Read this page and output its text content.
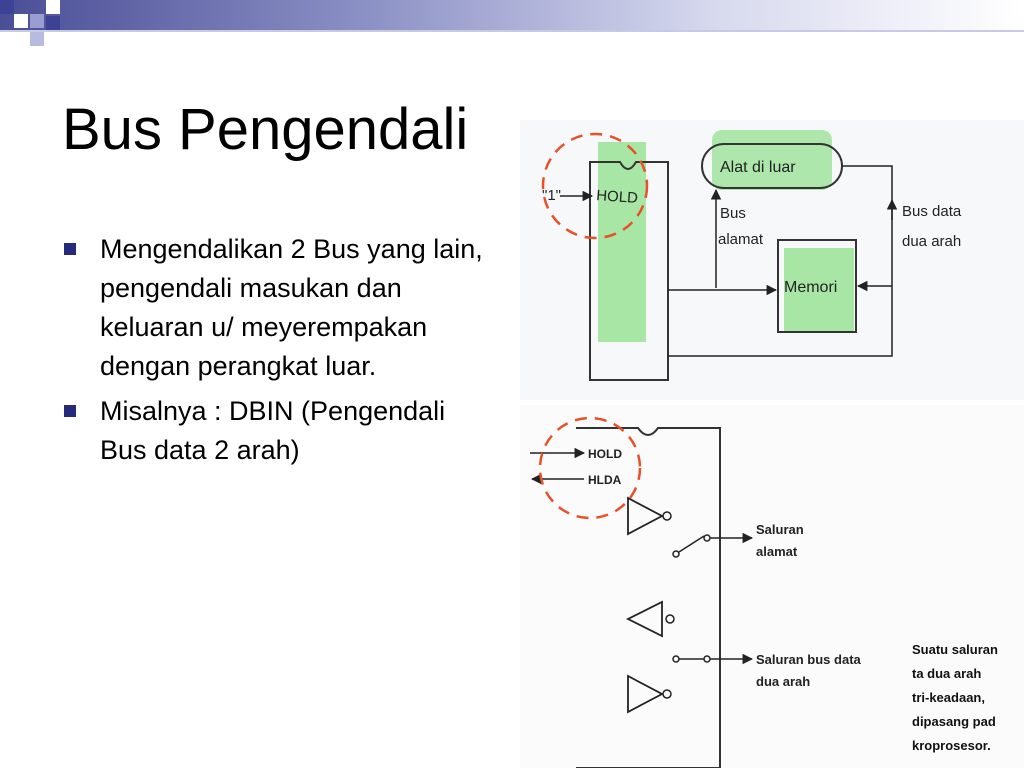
Bus Pengendali
Mengendalikan 2 Bus yang lain, pengendali masukan dan keluaran u/ meyerempakan dengan perangkat luar.
Misalnya : DBIN (Pengendali Bus data 2 arah)
HOLD
"1"
Alat di luar
Memori
Bus
alamat
Bus data
dua arah
HOLD
HLDA
Saluran
alamat
Saluran bus data
dua arah
Suatu saluran
ta dua arah
tri-keadaan,
dipasang pad
kroprosesor.
